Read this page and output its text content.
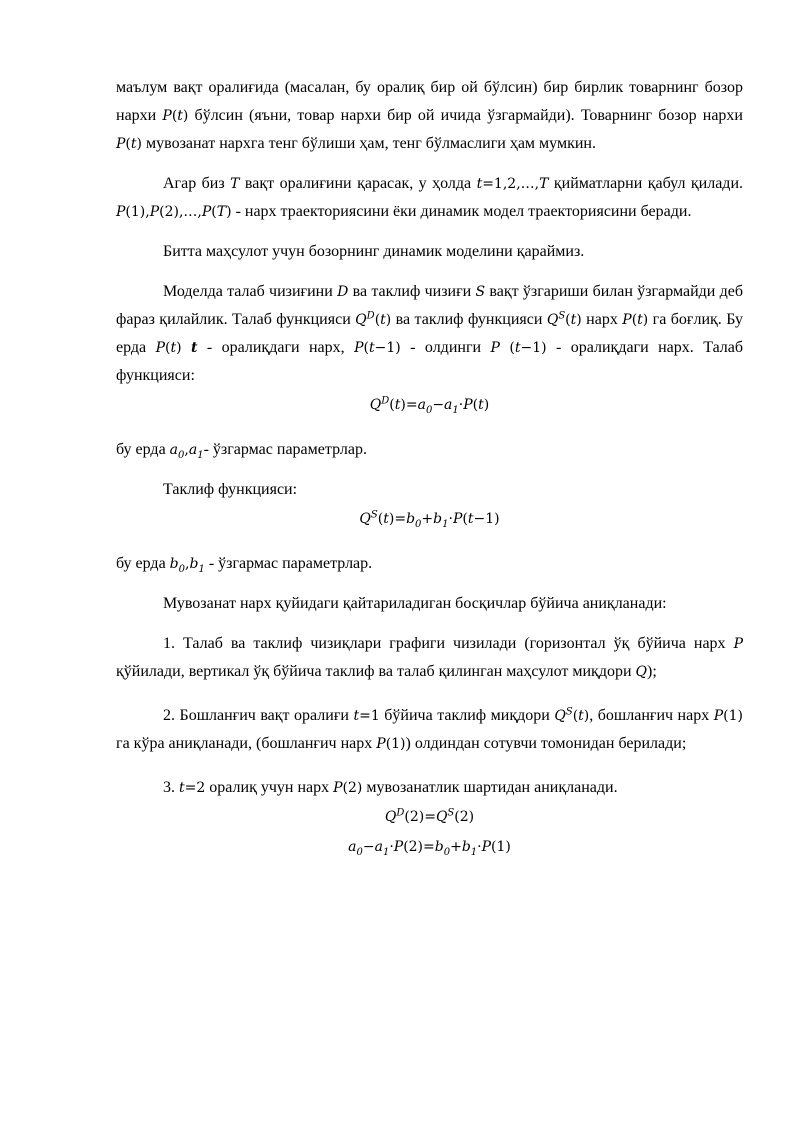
маълум вақт оралиғида (масалан, бу оралиқ бир ой бўлсин) бир бирлик товарнинг бозор нархи P(t) бўлсин (яъни, товар нархи бир ой ичида ўзгармайди). Товарнинг бозор нархи P(t) мувозанат нархга тенг бўлиши ҳам, тенг бўлмаслиги ҳам мумкин.

Агар биз T вақт оралиғини қарасак, у ҳолда t=1,2,…,T қийматларни қабул қилади. P(1),P(2),…,P(T) - нарх траекториясини ёки динамик модел траекториясини беради.

Битта маҳсулот учун бозорнинг динамик моделини қараймиз.

Моделда талаб чизиғини D ва таклиф чизиғи S вақт ўзгариши билан ўзгармайди деб фараз қилайлик. Талаб функцияси $Q^D(t)$ ва таклиф функцияси $Q^S(t)$ нарх P(t) га боғлиқ. Бу ерда P(t) t - оралиқдаги нарх, P(t−1) - олдинги P (t−1) - оралиқдаги нарх. Талаб функцияси:

$Q^D(t)=a_0-a_1\cdot P(t)$

бу ерда $a_0,a_1-$ ўзгармас параметрлар.

Таклиф функцияси:

$Q^S(t)=b_0+b_1\cdot P(t-1)$

бу ерда $b_0,b_1$ - ўзгармас параметрлар.

Мувозанат нарх қуйидаги қайтариладиган босқичлар бўйича аниқланади:

1. Талаб ва таклиф чизиқлари графиги чизилади (горизонтал ўқ бўйича нарх P қўйилади, вертикал ўқ бўйича таклиф ва талаб қилинган маҳсулот миқдори Q);

2. Бошланғич вақт оралиғи t=1 бўйича таклиф миқдори $Q^S(t)$, бошланғич нарх P(1) га кўра аниқланади, (бошланғич нарх P(1)) олдиндан сотувчи томонидан берилади;

3. t=2 оралиқ учун нарх P(2) мувозанатлик шартидан аниқланади.

$Q^D(2)=Q^S(2)$

$a_0-a_1\cdot P(2)=b_0+b_1\cdot P(1)$
